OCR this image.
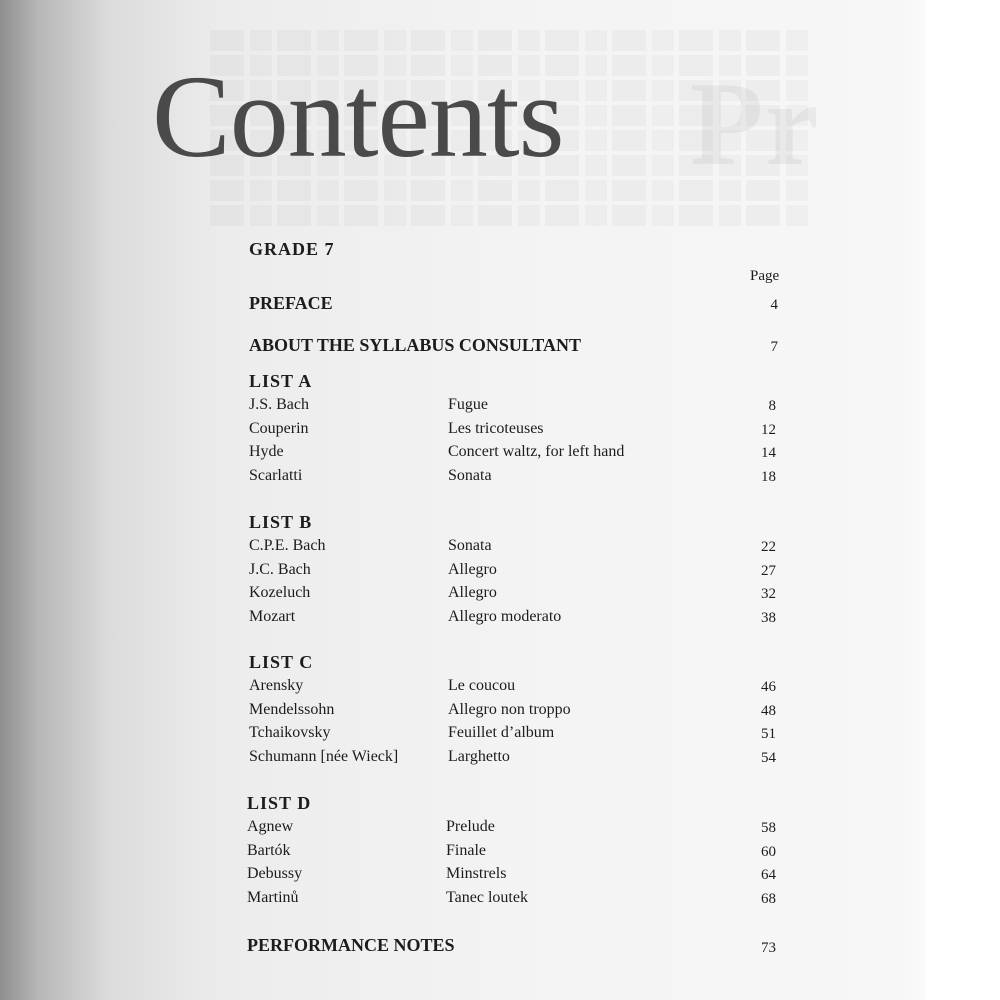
Pr
Contents
GRADE 7
Page
PREFACE	4
ABOUT THE SYLLABUS CONSULTANT	7
LIST A
J.S. Bach	Fugue	8
Couperin	Les tricoteuses	12
Hyde	Concert waltz, for left hand	14
Scarlatti	Sonata	18
LIST B
C.P.E. Bach	Sonata	22
J.C. Bach	Allegro	27
Kozeluch	Allegro	32
Mozart	Allegro moderato	38
LIST C
Arensky	Le coucou	46
Mendelssohn	Allegro non troppo	48
Tchaikovsky	Feuillet d’album	51
Schumann [née Wieck]	Larghetto	54
LIST D
Agnew	Prelude	58
Bartók	Finale	60
Debussy	Minstrels	64
Martinů	Tanec loutek	68
PERFORMANCE NOTES	73
